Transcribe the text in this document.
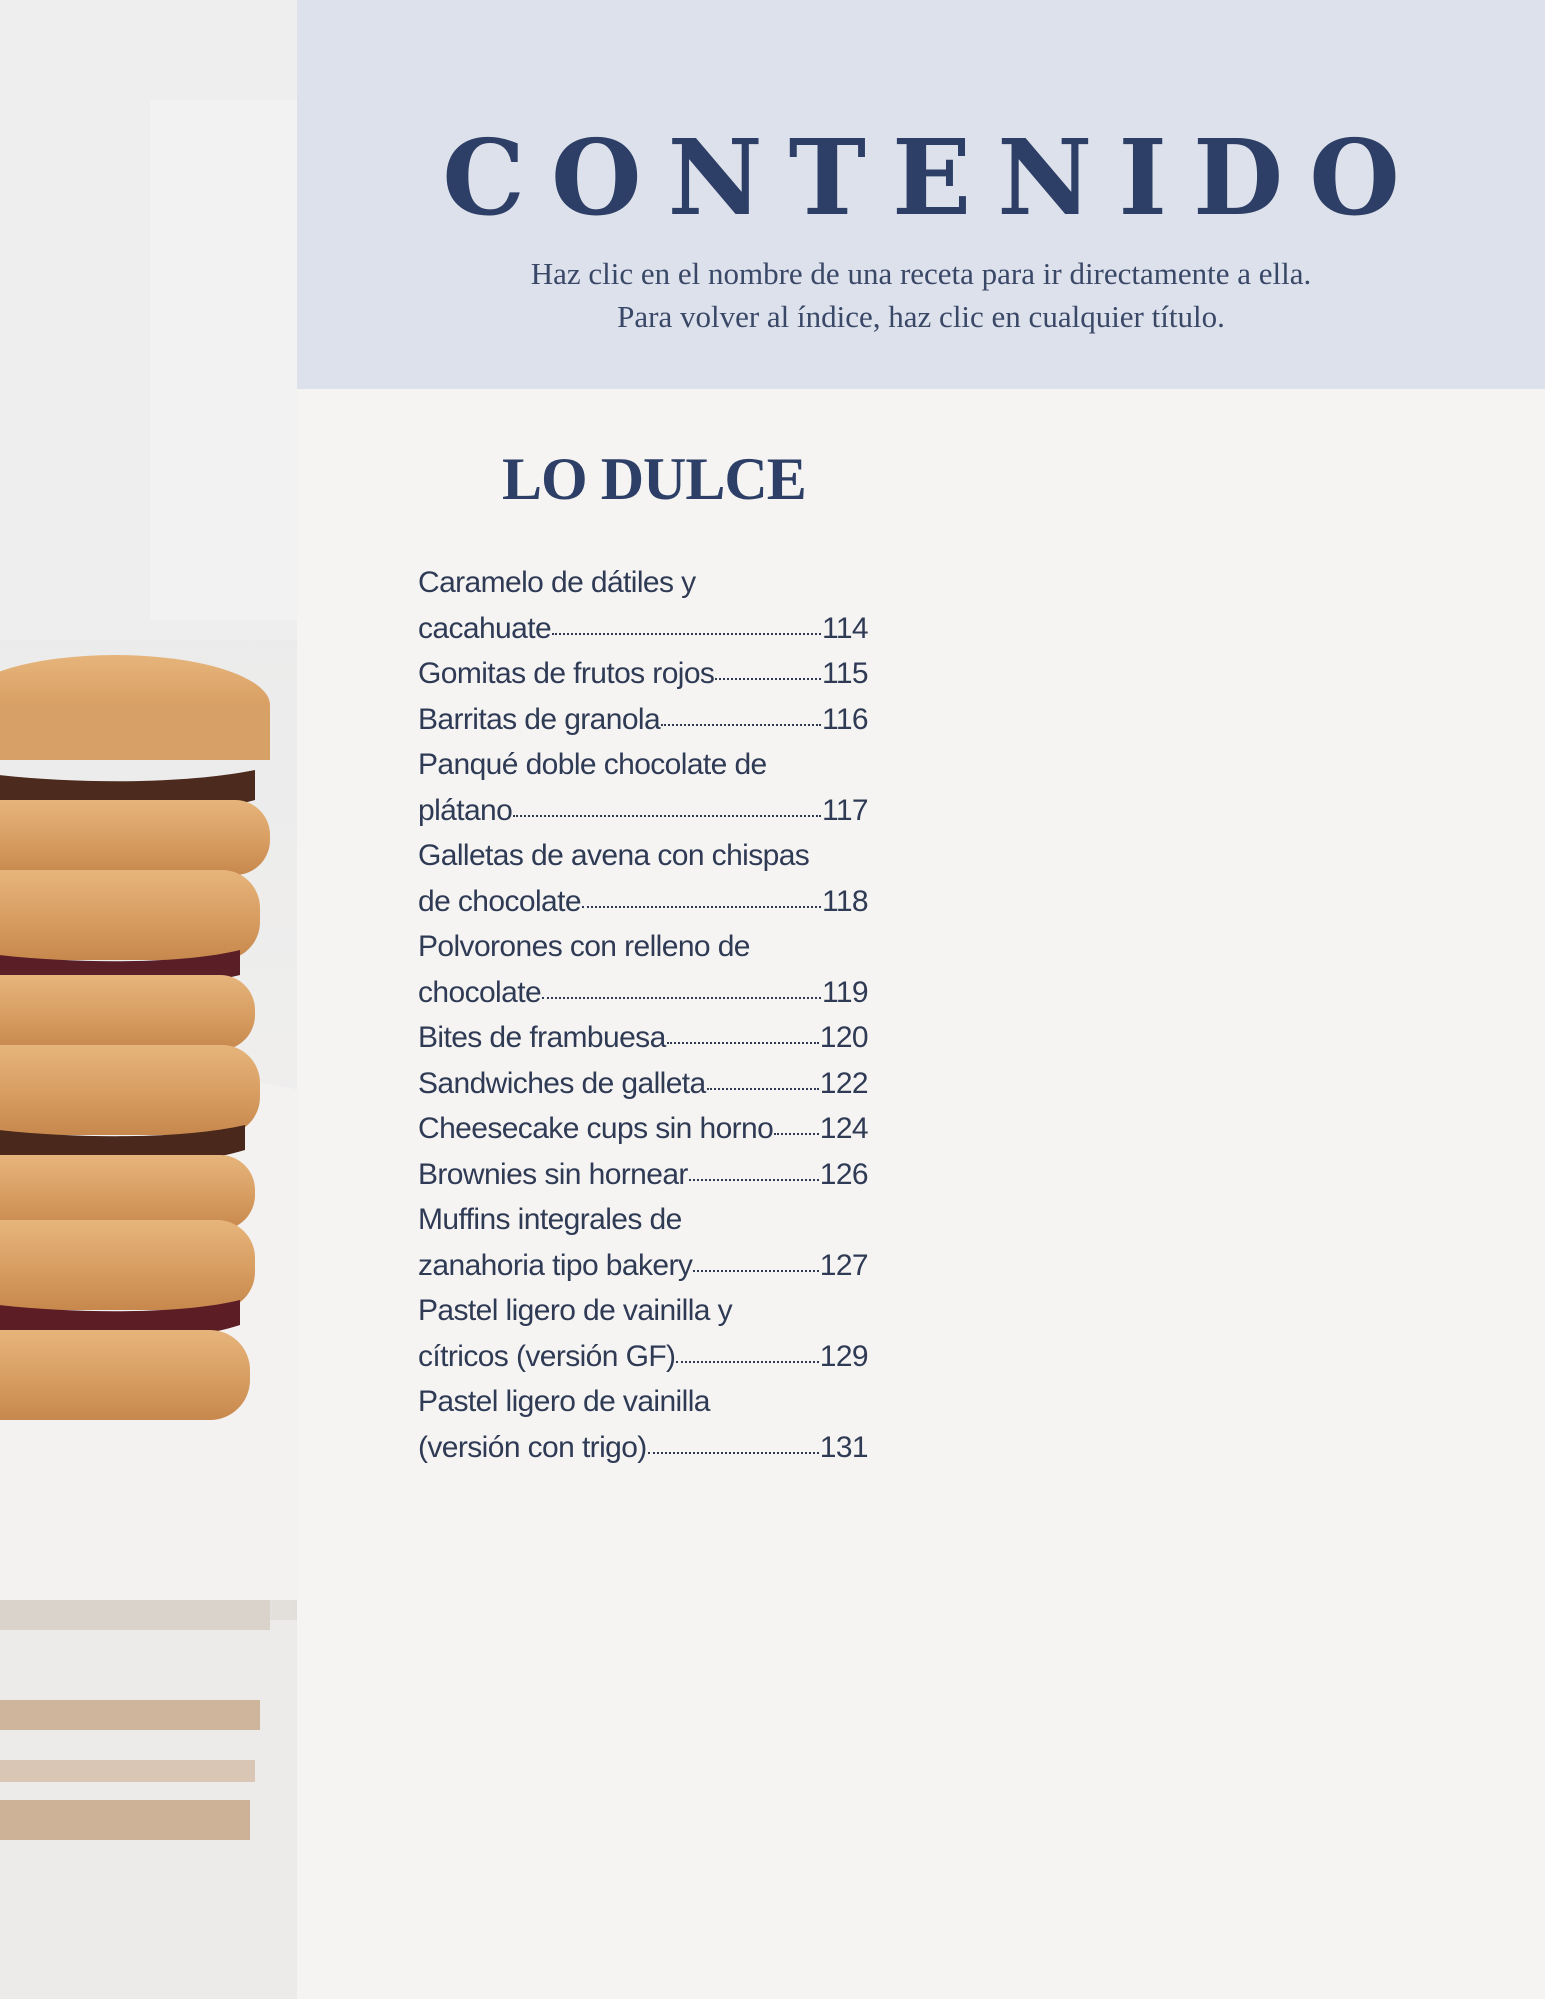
CONTENIDO
Haz clic en el nombre de una receta para ir directamente a ella.
Para volver al índice, haz clic en cualquier título.
LO DULCE
Caramelo de dátiles y
cacahuate	114
Gomitas de frutos rojos	115
Barritas de granola	116
Panqué doble chocolate de
plátano	117
Galletas de avena con chispas
de chocolate	118
Polvorones con relleno de
chocolate	119
Bites de frambuesa	120
Sandwiches de galleta	122
Cheesecake cups sin horno 124
Brownies sin hornear	126
Muffins integrales de
zanahoria tipo bakery	127
Pastel ligero de vainilla y
cítricos (versión GF)	129
Pastel ligero de vainilla
(versión con trigo)	131
